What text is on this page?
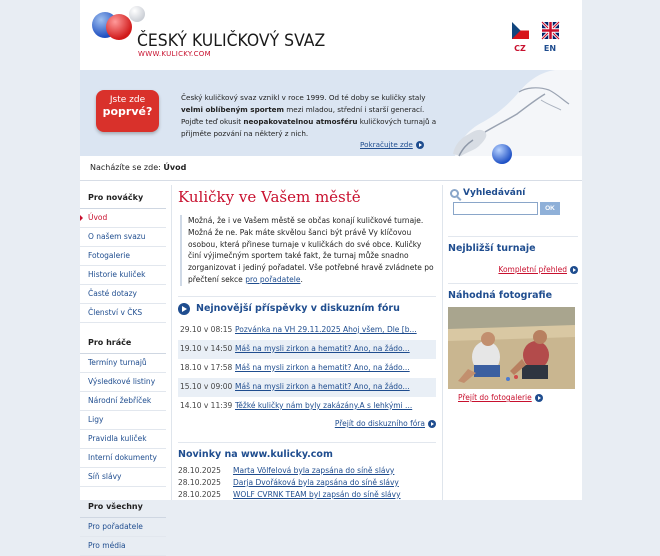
ČESKÝ KULIČKOVÝ SVAZ
WWW.KULICKY.COM
CZ	EN
Jste zde
poprvé?
Český kuličkový svaz vznikl v roce 1999. Od té doby se kuličky staly velmi oblíbeným sportem mezi mladou, střední i starší generací. Pojďte teď okusit neopakovatelnou atmosféru kuličkových turnajů a přijměte pozvání na některý z nich.
Pokračujte zde
Nacházíte se zde: Úvod
Pro nováčky
Úvod
O našem svazu
Fotogalerie
Historie kuliček
Časté dotazy
Členství v ČKS
Pro hráče
Termíny turnajů
Výsledkové listiny
Národní žebříček
Ligy
Pravidla kuliček
Interní dokumenty
Síň slávy
Pro všechny
Pro pořadatele
Pro média
Kuličky ve Vašem městě
Možná, že i ve Vašem městě se občas konají kuličkové turnaje. Možná že ne. Pak máte skvělou šanci být právě Vy klíčovou osobou, která přinese turnaje v kuličkách do své obce. Kuličky činí výjimečným sportem také fakt, že turnaj může snadno zorganizovat i jediný pořadatel. Vše potřebné hravě zvládnete po přečtení sekce pro pořadatele.
Nejnovější příspěvky v diskuzním fóru
29.10 v 08:15 Pozvánka na VH 29.11.2025 Ahoj všem, Dle [b...
19.10 v 14:50 Máš na mysli zirkon a hematit? Ano, na žádo...
18.10 v 17:58 Máš na mysli zirkon a hematit? Ano, na žádo...
15.10 v 09:00 Máš na mysli zirkon a hematit? Ano, na žádo...
14.10 v 11:39 Těžké kuličky nám byly zakázány.A s lehkými ...
Přejít do diskuzního fóra
Novinky na www.kulicky.com
28.10.2025	Marta Völfelová byla zapsána do síně slávy
28.10.2025	Darja Dvořáková byla zapsána do síně slávy
28.10.2025	WOLF CVRNK TEAM byl zapsán do síně slávy
Vyhledávání
OK
Nejbližší turnaje
Kompletní přehled
Náhodná fotografie
Přejít do fotogalerie
